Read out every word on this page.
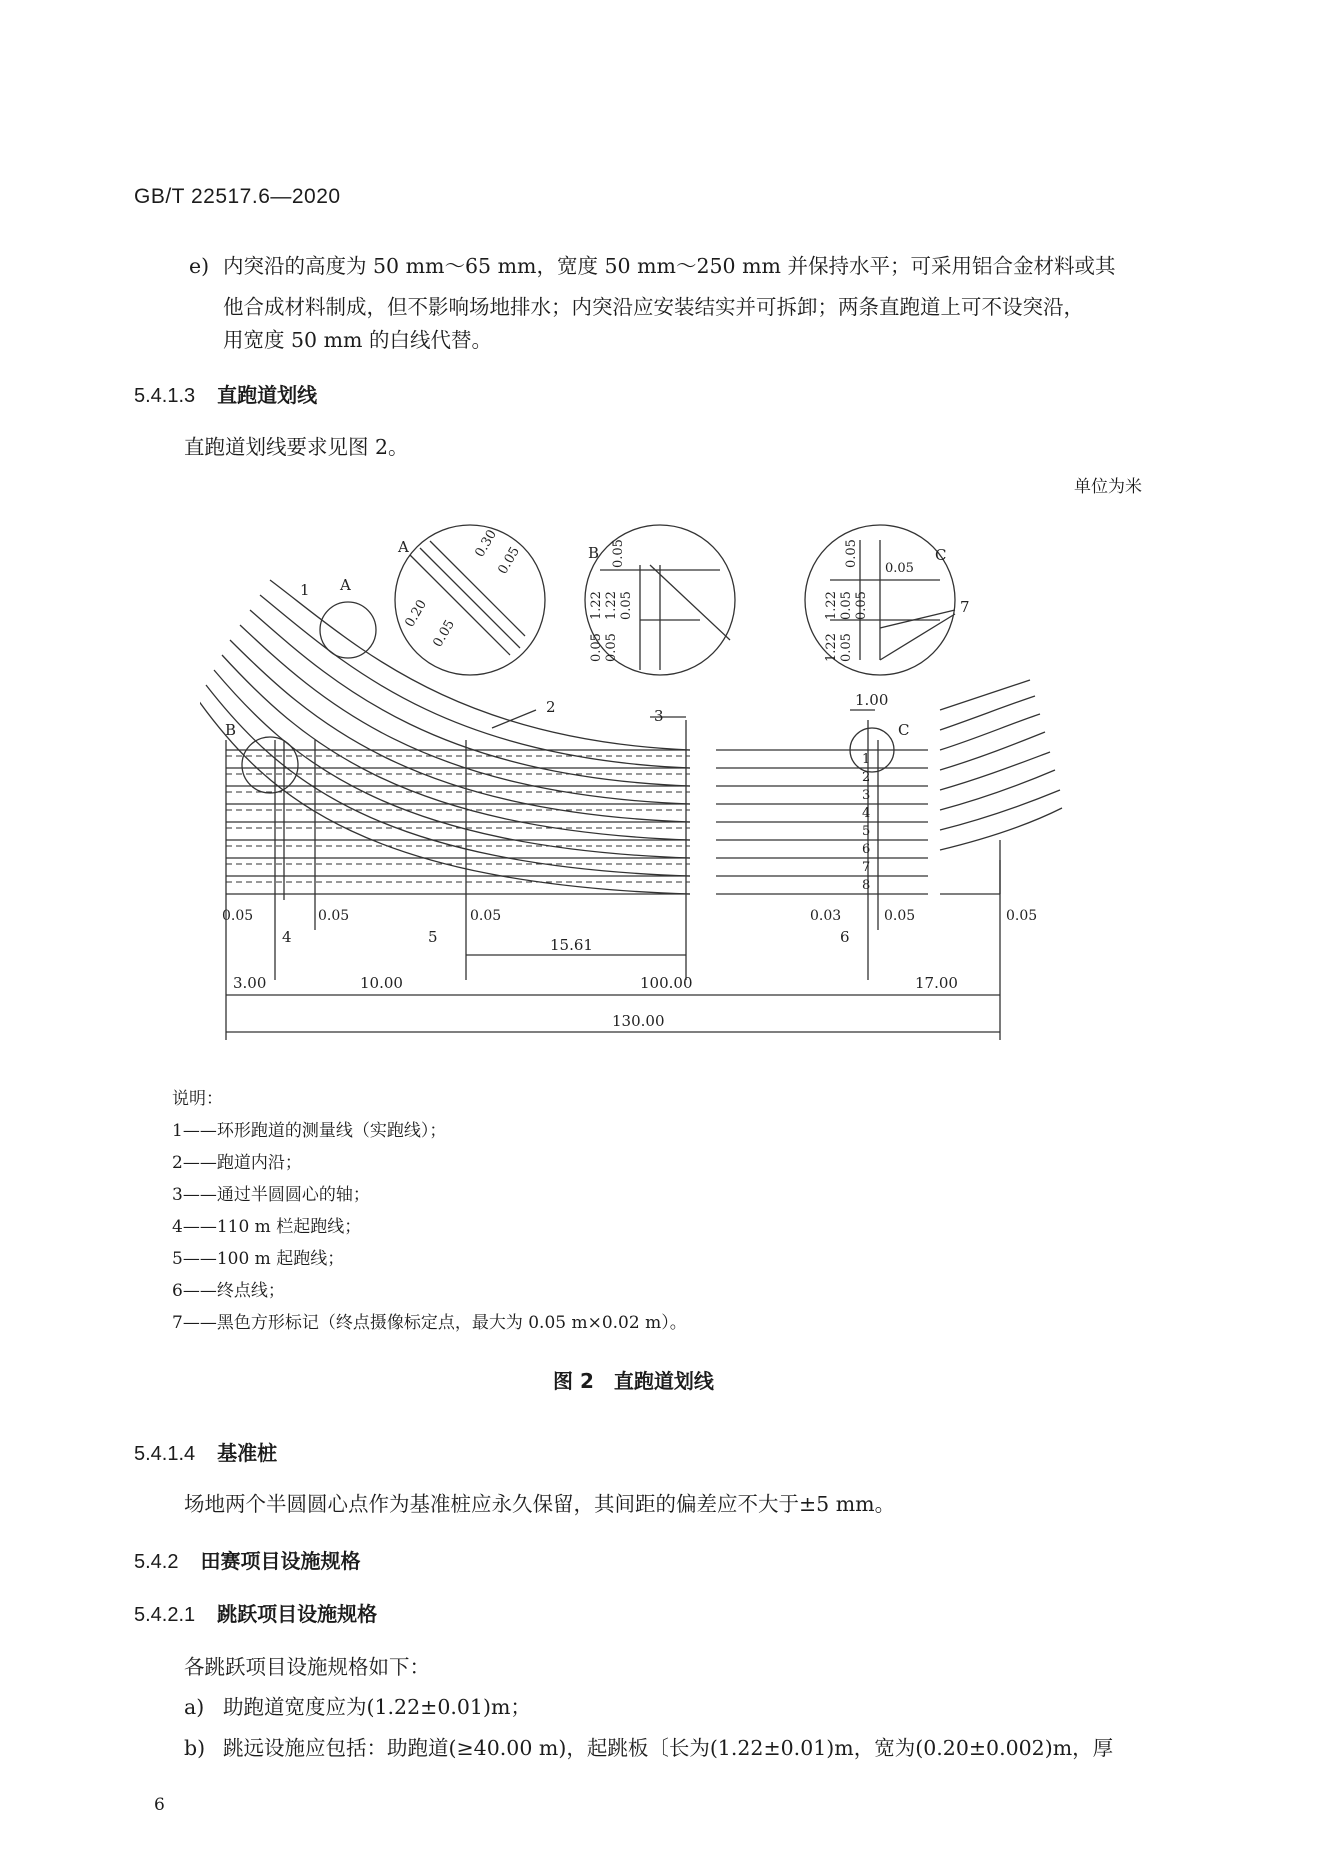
GB/T 22517.6—2020
e) 内突沿的高度为 50 mm～65 mm，宽度 50 mm～250 mm 并保持水平；可采用铝合金材料或其
他合成材料制成，但不影响场地排水；内突沿应安装结实并可拆卸；两条直跑道上可不设突沿，
用宽度 50 mm 的白线代替。
5.4.1.3 直跑道划线
直跑道划线要求见图 2。
单位为米
A
A
B
B
C
C
0.30
0.05
0.20
0.05
0.05
1.22 1.22
0.05 0.05
0.05
0.05
0.05
1.22 0.05
1.22 0.05
0.05
1
2	3
7
1
2
3
4
5
6
7
8
1.00
0.05	0.05	0.05	0.03	0.05	0.05
4	5	6
15.61
3.00	10.00	100.00	17.00
130.00
说明：
1——环形跑道的测量线（实跑线）；
2——跑道内沿；
3——通过半圆圆心的轴；
4——110 m 栏起跑线；
5——100 m 起跑线；
6——终点线；
7——黑色方形标记（终点摄像标定点，最大为 0.05 m×0.02 m）。
图 2　直跑道划线
5.4.1.4 基准桩
场地两个半圆圆心点作为基准桩应永久保留，其间距的偏差应不大于±5 mm。
5.4.2 田赛项目设施规格
5.4.2.1 跳跃项目设施规格
各跳跃项目设施规格如下：
a) 助跑道宽度应为(1.22±0.01)m；
b) 跳远设施应包括：助跑道(≥40.00 m)，起跳板〔长为(1.22±0.01)m，宽为(0.20±0.002)m，厚
6
